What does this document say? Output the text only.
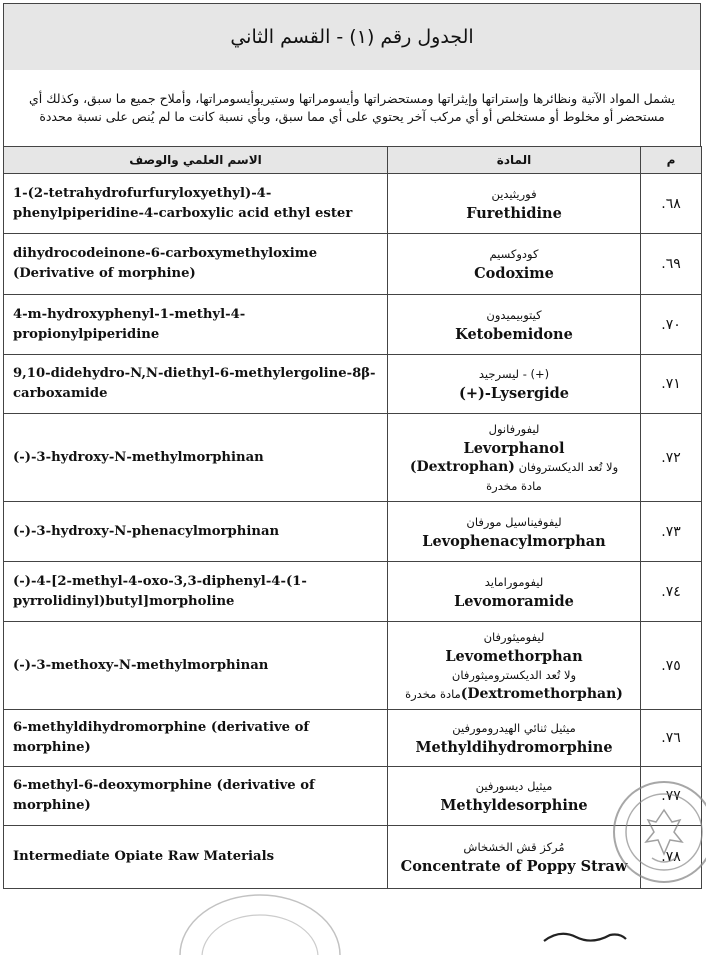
الجدول رقم (١) - القسم الثاني
يشمل المواد الآتية ونظائرها وإستراتها وإيثراتها ومستحضراتها وأيسومراتها وستيريوأيسومراتها، وأملاح جميع ما سبق، وكذلك أي مستحضر أو مخلوط أو مستخلص أو أي مركب آخر يحتوي على أي مما سبق، وبأي نسبة كانت ما لم يُنص على نسبة محددة
الاسم العلمي والوصف	المادة	م
1-(2-tetrahydrofurfuryloxyethyl)-4-phenylpiperidine-4-carboxylic acid ethyl ester	فوريثيدين
Furethidine	.٦٨
dihydrocodeinone-6-carboxymethyloxime (Derivative of morphine)	كودوكسيم
Codoxime	.٦٩
4-m-hydroxyphenyl-1-methyl-4-propionylpiperidine	كيتوبيميدون
Ketobemidone	.٧٠
9,10-didehydro-N,N-diethyl-6-methylergoline-8β-carboxamide	(+) - ليسرجيد
(+)-Lysergide	.٧١
(-)-3-hydroxy-N-methylmorphinan	ليفورفانول
Levorphanol
ولا تُعد الديكستروفان (Dextrophan)
مادة مخدرة	.٧٢
(-)-3-hydroxy-N-phenacylmorphinan	ليفوفيناسيل مورفان
Levophenacylmorphan	.٧٣
(-)-4-[2-methyl-4-oxo-3,3-diphenyl-4-(1-pyrrolidinyl)butyl]morpholine	ليفومورامايد
Levomoramide	.٧٤
(-)-3-methoxy-N-methylmorphinan	ليفوميثورفان
Levomethorphan
ولا تُعد الديكستروميثورفان
(Dextromethorphan)مادة مخدرة	.٧٥
6-methyldihydromorphine (derivative of morphine)	ميثيل ثنائي الهيدرومورفين
Methyldihydromorphine	.٧٦
6-methyl-6-deoxymorphine (derivative of morphine)	ميثيل ديسورفين
Methyldesorphine	.٧٧
Intermediate Opiate Raw Materials	مُركز قش الخشخاش
Concentrate of Poppy Straw	.٧٨
